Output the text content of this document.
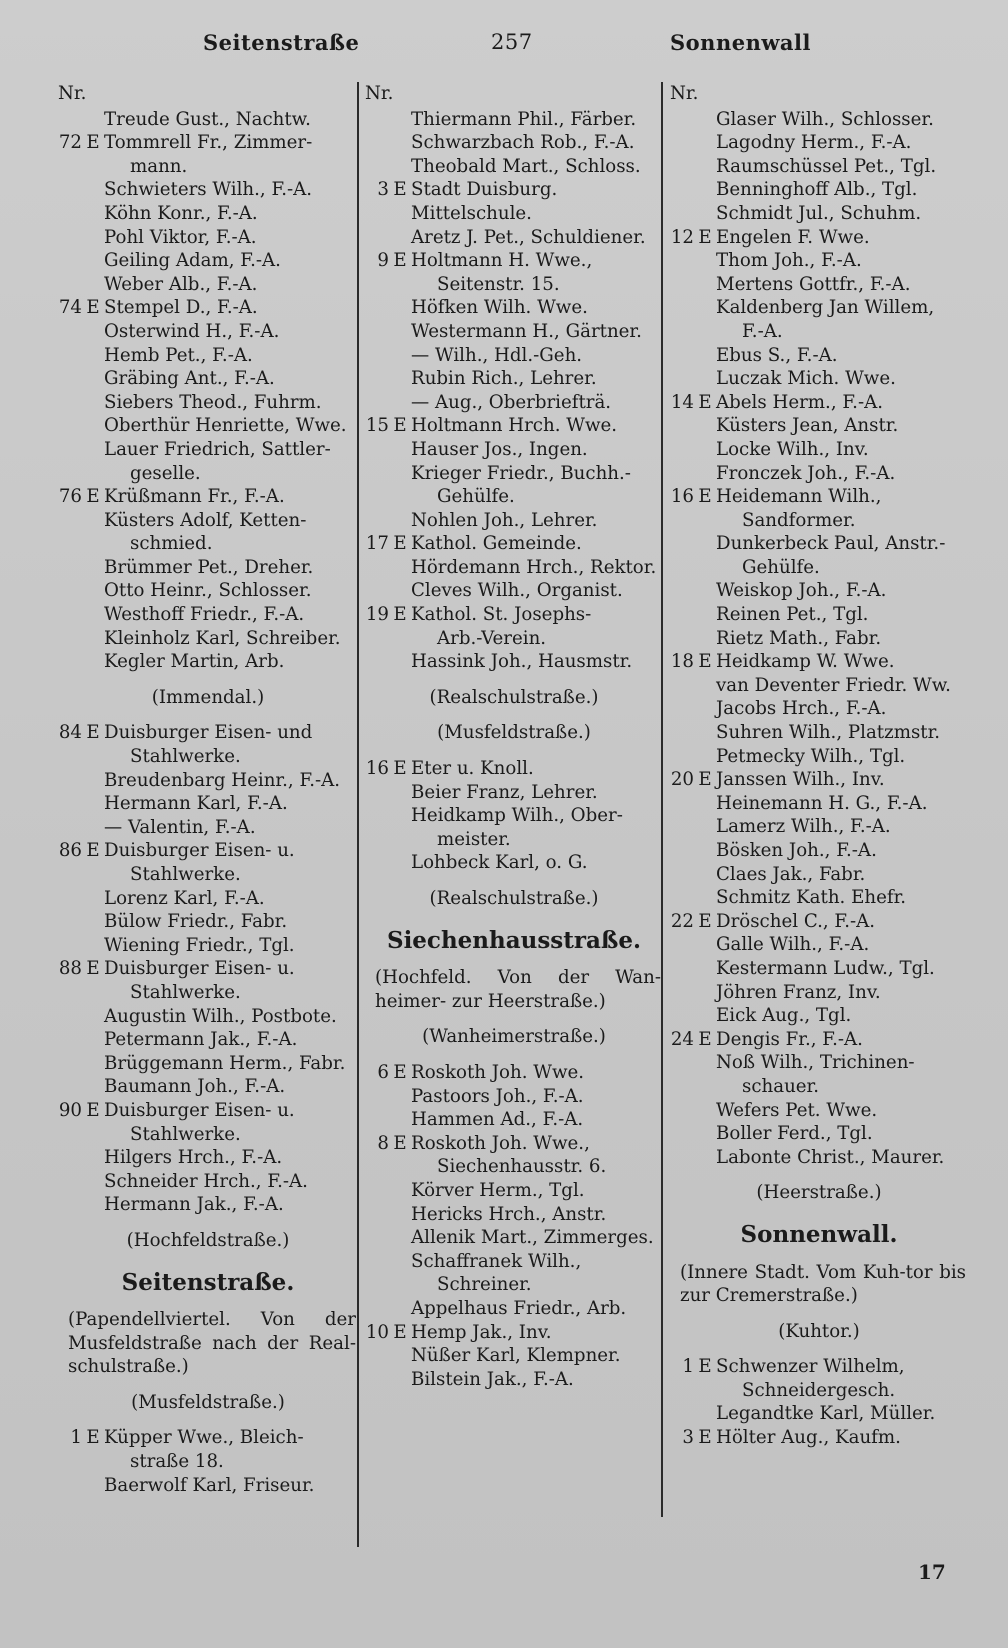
Seitenstraße	257	Sonnenwall
Nr.
Treude Gust., Nachtw.
72 E Tommrell Fr., Zimmer-
mann.
Schwieters Wilh., F.-A.
Köhn Konr., F.-A.
Pohl Viktor, F.-A.
Geiling Adam, F.-A.
Weber Alb., F.-A.
74 E Stempel D., F.-A.
Osterwind H., F.-A.
Hemb Pet., F.-A.
Gräbing Ant., F.-A.
Siebers Theod., Fuhrm.
Oberthür Henriette, Wwe.
Lauer Friedrich, Sattler-
geselle.
76 E Krüßmann Fr., F.-A.
Küsters Adolf, Ketten-
schmied.
Brümmer Pet., Dreher.
Otto Heinr., Schlosser.
Westhoff Friedr., F.-A.
Kleinholz Karl, Schreiber.
Kegler Martin, Arb.
(Immendal.)
84 E Duisburger Eisen- und
Stahlwerke.
Breudenbarg Heinr., F.-A.
Hermann Karl, F.-A.
— Valentin, F.-A.
86 E Duisburger Eisen- u.
Stahlwerke.
Lorenz Karl, F.-A.
Bülow Friedr., Fabr.
Wiening Friedr., Tgl.
88 E Duisburger Eisen- u.
Stahlwerke.
Augustin Wilh., Postbote.
Petermann Jak., F.-A.
Brüggemann Herm., Fabr.
Baumann Joh., F.-A.
90 E Duisburger Eisen- u.
Stahlwerke.
Hilgers Hrch., F.-A.
Schneider Hrch., F.-A.
Hermann Jak., F.-A.
(Hochfeldstraße.)
Seitenstraße.
(Papendellviertel. Von der Musfeldstraße nach der Real-schulstraße.)
(Musfeldstraße.)
1 E Küpper Wwe., Bleich-
straße 18.
Baerwolf Karl, Friseur.
Nr.
Thiermann Phil., Färber.
Schwarzbach Rob., F.-A.
Theobald Mart., Schloss.
3 E Stadt Duisburg.
Mittelschule.
Aretz J. Pet., Schuldiener.
9 E Holtmann H. Wwe.,
Seitenstr. 15.
Höfken Wilh. Wwe.
Westermann H., Gärtner.
— Wilh., Hdl.-Geh.
Rubin Rich., Lehrer.
— Aug., Oberbriefträ.
15 E Holtmann Hrch. Wwe.
Hauser Jos., Ingen.
Krieger Friedr., Buchh.-
Gehülfe.
Nohlen Joh., Lehrer.
17 E Kathol. Gemeinde.
Hördemann Hrch., Rektor.
Cleves Wilh., Organist.
19 E Kathol. St. Josephs-
Arb.-Verein.
Hassink Joh., Hausmstr.
(Realschulstraße.)
(Musfeldstraße.)
16 E Eter u. Knoll.
Beier Franz, Lehrer.
Heidkamp Wilh., Ober-
meister.
Lohbeck Karl, o. G.
(Realschulstraße.)
Siechenhausstraße.
(Hochfeld. Von der Wan-heimer- zur Heerstraße.)
(Wanheimerstraße.)
6 E Roskoth Joh. Wwe.
Pastoors Joh., F.-A.
Hammen Ad., F.-A.
8 E Roskoth Joh. Wwe.,
Siechenhausstr. 6.
Körver Herm., Tgl.
Hericks Hrch., Anstr.
Allenik Mart., Zimmerges.
Schaffranek Wilh.,
Schreiner.
Appelhaus Friedr., Arb.
10 E Hemp Jak., Inv.
Nüßer Karl, Klempner.
Bilstein Jak., F.-A.
Nr.
Glaser Wilh., Schlosser.
Lagodny Herm., F.-A.
Raumschüssel Pet., Tgl.
Benninghoff Alb., Tgl.
Schmidt Jul., Schuhm.
12 E Engelen F. Wwe.
Thom Joh., F.-A.
Mertens Gottfr., F.-A.
Kaldenberg Jan Willem,
F.-A.
Ebus S., F.-A.
Luczak Mich. Wwe.
14 E Abels Herm., F.-A.
Küsters Jean, Anstr.
Locke Wilh., Inv.
Fronczek Joh., F.-A.
16 E Heidemann Wilh.,
Sandformer.
Dunkerbeck Paul, Anstr.-
Gehülfe.
Weiskop Joh., F.-A.
Reinen Pet., Tgl.
Rietz Math., Fabr.
18 E Heidkamp W. Wwe.
van Deventer Friedr. Ww.
Jacobs Hrch., F.-A.
Suhren Wilh., Platzmstr.
Petmecky Wilh., Tgl.
20 E Janssen Wilh., Inv.
Heinemann H. G., F.-A.
Lamerz Wilh., F.-A.
Bösken Joh., F.-A.
Claes Jak., Fabr.
Schmitz Kath. Ehefr.
22 E Dröschel C., F.-A.
Galle Wilh., F.-A.
Kestermann Ludw., Tgl.
Jöhren Franz, Inv.
Eick Aug., Tgl.
24 E Dengis Fr., F.-A.
Noß Wilh., Trichinen-
schauer.
Wefers Pet. Wwe.
Boller Ferd., Tgl.
Labonte Christ., Maurer.
(Heerstraße.)
Sonnenwall.
(Innere Stadt. Vom Kuh-tor bis zur Cremerstraße.)
(Kuhtor.)
1 E Schwenzer Wilhelm,
Schneidergesch.
Legandtke Karl, Müller.
3 E Hölter Aug., Kaufm.
17
